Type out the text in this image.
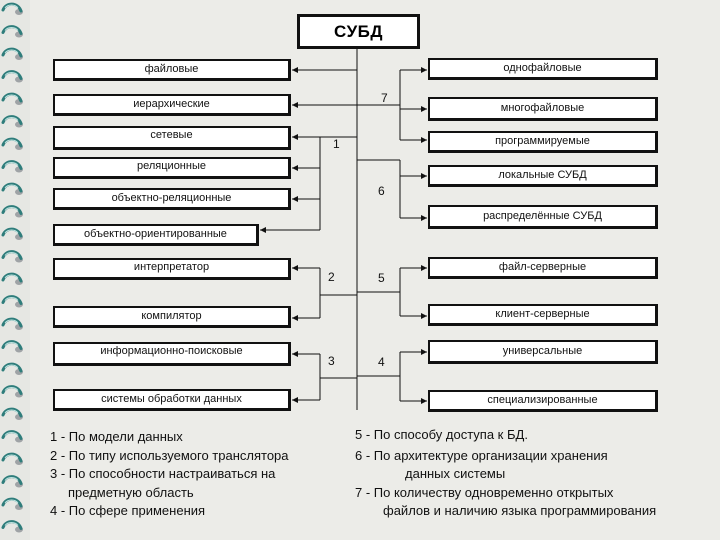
СУБД
файловые
иерархические
сетевые
реляционные
объектно-реляционные
объектно-ориентированные
интерпретатор
компилятор
информационно-поисковые
системы обработки данных
однофайловые
многофайловые
программируемые
локальные СУБД
распределённые СУБД
файл-серверные
клиент-серверные
универсальные
специализированные
1
2
3	4
5
6
7
1 - По модели данных
2 - По типу используемого транслятора
3 - По способности настраиваться на
предметную область
4 - По сфере применения
5 - По способу доступа к БД.
6 - По архитектуре организации хранения
данных системы
7 - По количеству одновременно открытых
файлов и наличию языка программирования
